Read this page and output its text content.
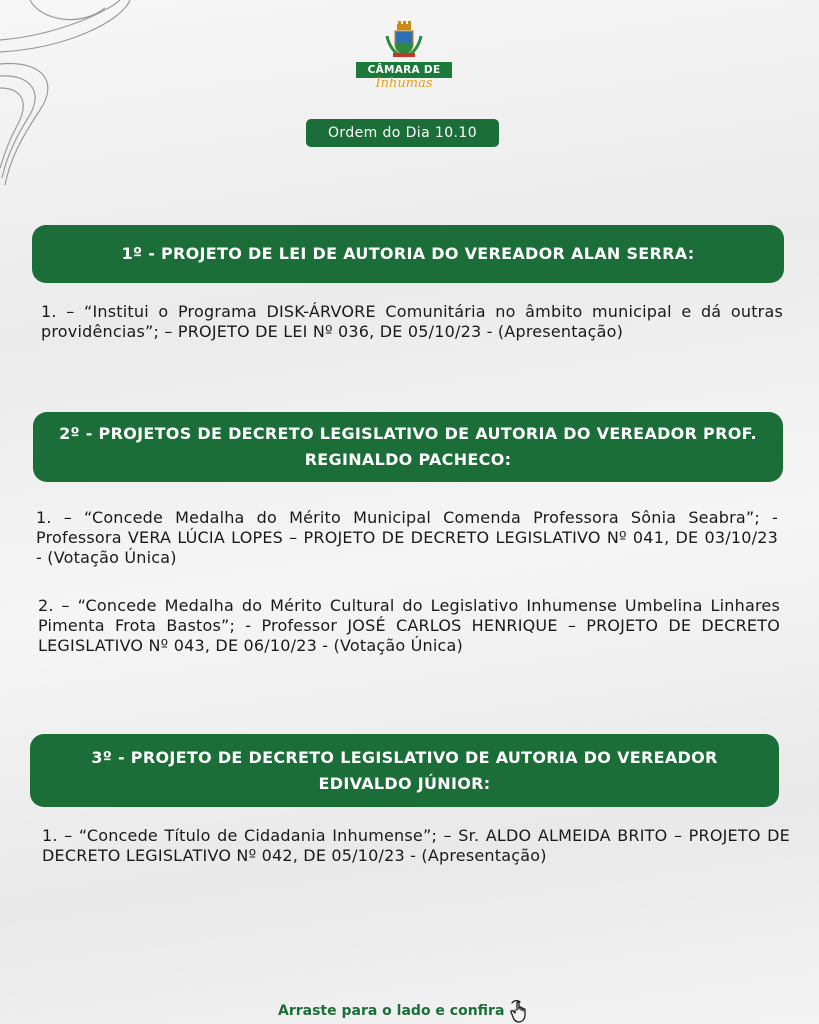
CÂMARA DE
Inhumas
Ordem do Dia 10.10
1º - PROJETO DE LEI DE AUTORIA DO VEREADOR ALAN SERRA:
1. – “Institui o Programa DISK-ÁRVORE Comunitária no âmbito municipal e dá outras providências”; – PROJETO DE LEI Nº 036, DE 05/10/23 - (Apresentação)
2º - PROJETOS DE DECRETO LEGISLATIVO DE AUTORIA DO VEREADOR PROF.
REGINALDO PACHECO:
1. – “Concede Medalha do Mérito Municipal Comenda Professora Sônia Seabra”; - Professora VERA LÚCIA LOPES – PROJETO DE DECRETO LEGISLATIVO Nº 041, DE 03/10/23 - (Votação Única)
2. – “Concede Medalha do Mérito Cultural do Legislativo Inhumense Umbelina Linhares Pimenta Frota Bastos”; - Professor JOSÉ CARLOS HENRIQUE – PROJETO DE DECRETO LEGISLATIVO Nº 043, DE 06/10/23 - (Votação Única)
3º - PROJETO DE DECRETO LEGISLATIVO DE AUTORIA DO VEREADOR
EDIVALDO JÚNIOR:
1. – “Concede Título de Cidadania Inhumense”; – Sr. ALDO ALMEIDA BRITO – PROJETO DE DECRETO LEGISLATIVO Nº 042, DE 05/10/23 - (Apresentação)
Arraste para o lado e confira
